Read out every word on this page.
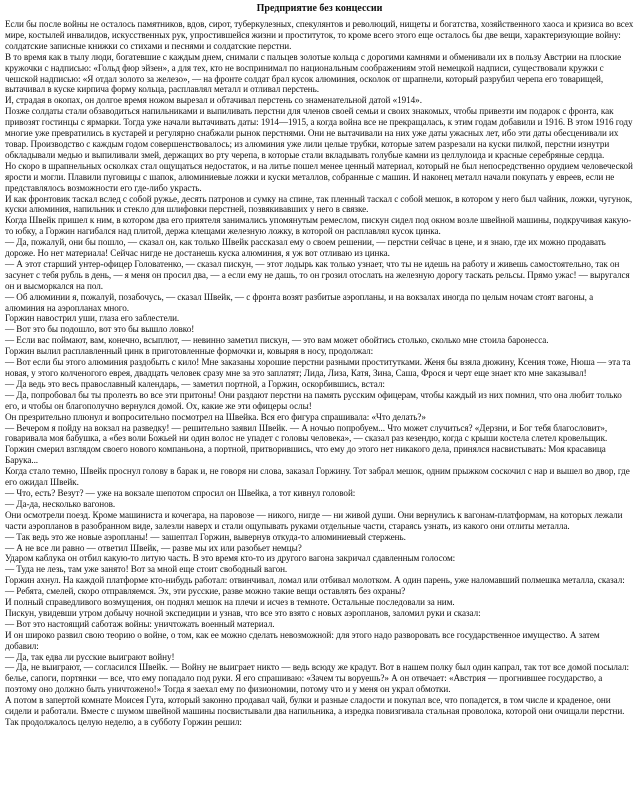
Предприятие без концессии

Если бы после войны не осталось памятников, вдов, сирот, туберкулезных, спекулянтов и революций, нищеты и богатства, хозяйственного хаоса и кризиса во всех мире, костылей инвалидов, искусственных рук, упростившейся жизни и проституток, то кроме всего этого еще осталось бы две вещи, характеризующие войну: солдатские записные книжки со стихами и песнями и солдатские перстни.

В то время как в тылу люди, богатевшие с каждым днем, снимали с пальцев золотые кольца с дорогими камнями и обменивали их в пользу Австрии на плоские кружочки с надписью: «Гольд фюр эйзен», а для тех, кто не воспринимал по национальным соображениям этой немецкой надписи, существовали кружки с чешской надписью: «Я отдал золото за железо», — на фронте солдат брал кусок алюминия, осколок от шрапнели, который разрубил черепа его товарищей, вытачивал в куске кирпича форму кольца, расплавлял металл и отливал перстень.

И, страдая в окопах, он долгое время ножом вырезал и обтачивал перстень со знаменательной датой «1914».

Позже солдаты стали обзаводиться напильниками и выпиливать перстни для членов своей семьи и своих знакомых, чтобы привезти им подарок с фронта, как привозят гостинцы с ярмарки. Тогда уже начали вытачивать даты: 1914—1915, а когда война все не прекращалась, к этим годам добавили и 1916. В этом 1916 году многие уже превратились в кустарей и регулярно снабжали рынок перстнями. Они не вытачивали на них уже даты ужасных лет, ибо эти даты обесценивали их товар. Производство с каждым годом совершенствовалось; из алюминия уже лили целые трубки, которые затем разрезали на куски пилкой, перстни изнутри обкладывали медью и выпиливали змей, держащих во рту черепа, в которые стали вкладывать голубые камни из целлулоида и красные серебряные сердца.

Но скоро в шрапнельных осколках стал ощущаться недостаток, и на литье пошел менее ценный материал, который не был непосредственно орудием человеческой ярости и могли. Плавили пуговицы с шапок, алюминиевые ложки и куски металлов, собранные с машин. И наконец металл начали покупать у евреев, если не представлялось возможности его где-либо украсть.

И как фронтовик таскал вслед с собой ружье, десять патронов и сумку на спине, так пленный таскал с собой мешок, в котором у него был чайник, ложки, чугунок, куски алюминия, напильник и стекло для шлифовки перстней, позвякивавших у него в связке.

Когда Швейк пришел к ним, в котором два его приятеля занимались упомянутым ремеслом, пискун сидел под окном возле швейной машины, подкручивая какую-то юбку, а Горжин нагибался над плитой, держа клещами железную ложку, в которой он расплавлял кусок цинка.

— Да, пожалуй, они бы пошло, — сказал он, как только Швейк рассказал ему о своем решении, — перстни сейчас в цене, и я знаю, где их можно продавать дороже. Но нет материала! Сейчас нигде не достанешь куска алюминия, я уж вот отливаю из цинка.

— А этот старший унтер-офицер Головатенко, — сказал пискун, — этот лодырь как только узнает, что ты не идешь на работу и живешь самостоятельно, так он засунет с тебя рубль в день, — я меня он просил два, — а если ему не дашь, то он грозил отослать на железную дорогу таскать рельсы. Прямо ужас! — выругался он и высморкался на пол.

— Об алюминии я, пожалуй, позабочусь, — сказал Швейк, — с фронта возят разбитые аэропланы, и на вокзалах иногда по целым ночам стоят вагоны, а алюминия на аэропланах много.

Горжин навострил уши, глаза его заблестели.

— Вот это бы подошло, вот это бы вышло ловко!

— Если вас поймают, вам, конечно, всыплют, — невинно заметил пискун, — это вам может обойтись столько, сколько мне стоила баронесса.

Горжин вылил расплавленный цинк в приготовленные формочки и, ковыряя в носу, продолжал:

— Вот если бы этого алюминия раздобыть с кило! Мне заказаны хорошие перстни разными проститутками. Женя бы взяла дюжину, Ксения тоже, Нюша — эта та новая, у этого колченогого еврея, двадцать человек сразу мне за это заплатят; Лида, Лиза, Катя, Зина, Саша, Фрося и черт еще знает кто мне заказывал!

— Да ведь это весь православный календарь, — заметил портной, а Горжин, оскорбившись, встал:

— Да, попробовал бы ты пролезть во все эти притоны! Они раздают перстни на память русским офицерам, чтобы каждый из них помнил, что она любит только его, и чтобы он благополучно вернулся домой. Ох, какие же эти офицеры ослы!

Он презрительно плюнул и вопросительно посмотрел на Швейка. Вся его фигура спрашивала: «Что делать?»

— Вечером я пойду на вокзал на разведку! — решительно заявил Швейк. — А ночью попробуем... Что может случиться? «Дерзни, и Бог тебя благословит», говаривала моя бабушка, а «без воли Божьей ни один волос не упадет с головы человека», — сказал раз кезендю, когда с крыши костела слетел кровельщик.

Горжин смерил взглядом своего нового компаньона, а портной, притворившись, что ему до этого нет никакого дела, принялся насвистывать: Моя красавица Барука...

Когда стало темно, Швейк проснул голову в барак и, не говоря ни слова, заказал Горжину. Тот забрал мешок, одним прыжком соскочил с нар и вышел во двор, где его ожидал Швейк.

— Что, есть? Везут? — уже на вокзале шепотом спросил он Швейка, а тот кивнул головой:

— Да-да, несколько вагонов.

Они осмотрели поезд. Кроме машиниста и кочегара, на паровозе — никого, нигде — ни живой души. Они вернулись к вагонам-платформам, на которых лежали части аэропланов в разобранном виде, залезли наверх и стали ощупывать руками отдельные части, стараясь узнать, из какого они отлиты металла.

— Так ведь это же новые аэропланы! — зашептал Горжин, вывернув откуда-то алюминиевый стержень.

— А не все ли равно — ответил Швейк, — разве мы их или разобьет немцы?

Ударом каблука он отбил какую-то литую часть. В это время кто-то из другого вагона закричал сдавленным голосом:

— Туда не лезь, там уже занято! Вот за мной еще стоит свободный вагон.

Горжин ахнул. На каждой платформе кто-нибудь работал: отвинчивал, ломал или отбивал молотком. А один парень, уже наломавший полмешка металла, сказал:

— Ребята, смелей, скоро отправляемся. Эх, эти русские, разве можно такие вещи оставлять без охраны?

И полный справедливого возмущения, он поднял мешок на плечи и исчез в темноте. Остальные последовали за ним.

Пискун, увидевши утром добычу ночной экспедиции и узнав, что все это взято с новых аэропланов, заломил руки и сказал:

— Вот это настоящий саботаж войны: уничтожать военный материал.

И он широко развил свою теорию о войне, о том, как ее можно сделать невозможной: для этого надо разворовать все государственное имущество. А затем добавил:

— Да, так едва ли русские выиграют войну!

— Да, не выиграют, — согласился Швейк. — Войну не выиграет никто — ведь всюду же крадут. Вот в нашем полку был один капрал, так тот все домой посылал: белье, сапоги, портянки — все, что ему попадало под руки. Я его спрашиваю: «Зачем ты воруешь?» А он отвечает: «Австрия — прогнившее государство, а поэтому оно должно быть уничтожено!» Тогда я заехал ему по физиономии, потому что и у меня он украл обмотки.

А потом в запертой комнате Моисея Гута, который законно продавал чай, булки и разные сладости и покупал все, что попадется, в том числе и краденое, они сидели и работали. Вместе с шумом швейной машины посвистывали два напильника, а изредка повизгивала стальная проволока, которой они очищали перстни. Так продолжалось целую неделю, а в субботу Горжин решил:
